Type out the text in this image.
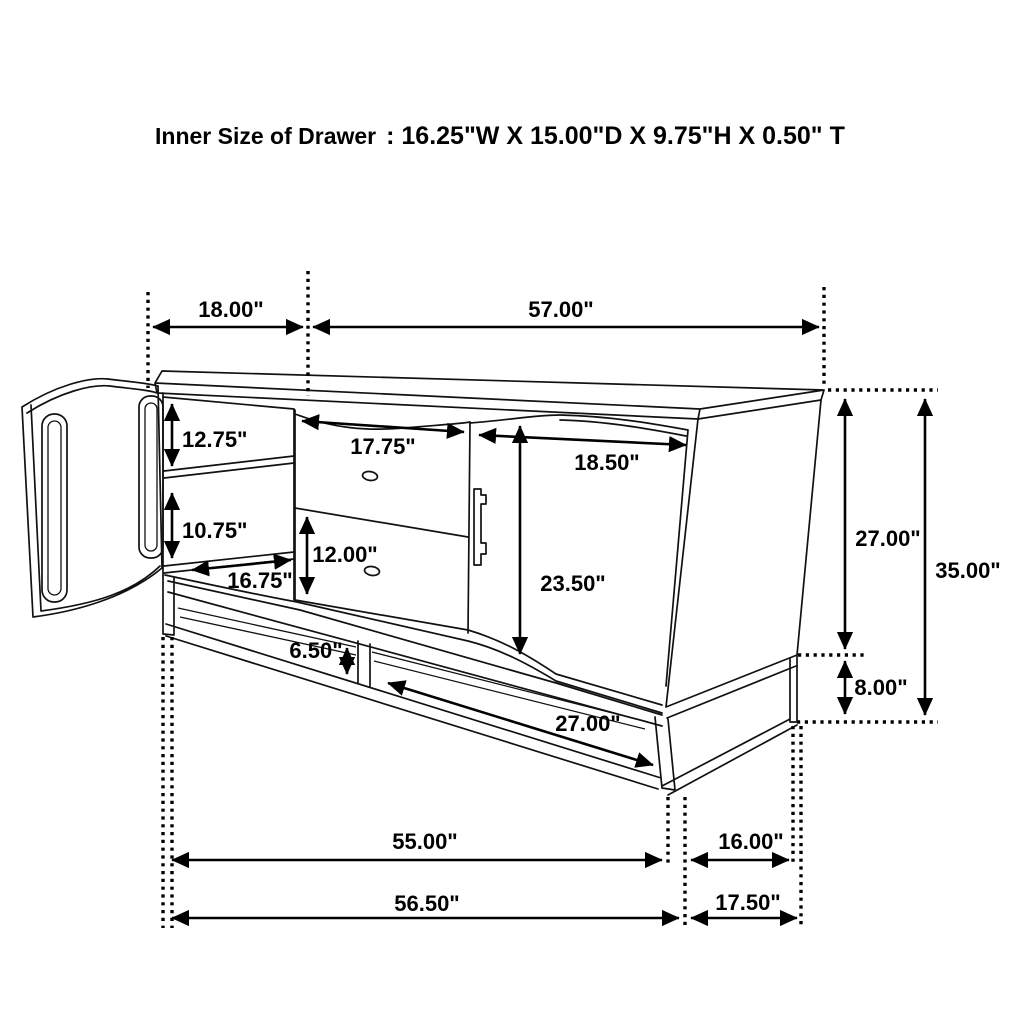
Inner Size of Drawer : 16.25"W X 15.00"D X 9.75"H X 0.50" T
18.00"	57.00"
12.75"
10.75"
16.75"
17.75"
18.50"
12.00"
23.50"
6.50"
27.00"
27.00"
35.00"
8.00"
55.00"	16.00"
56.50"	17.50"
